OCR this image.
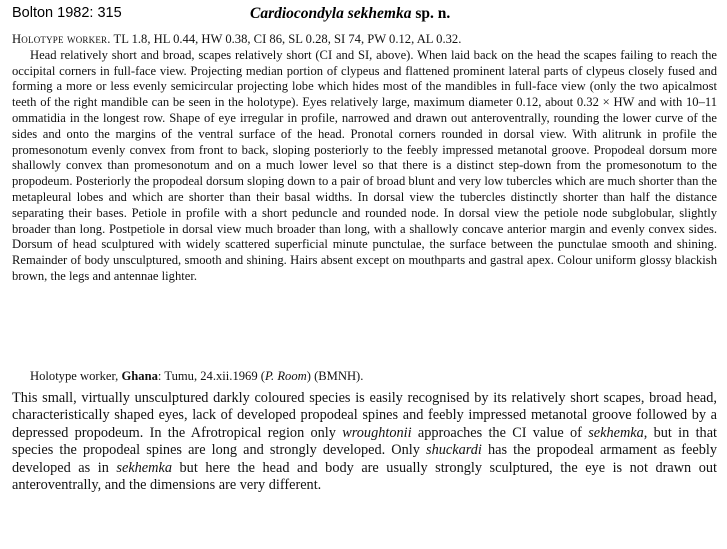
Bolton 1982: 315	Cardiocondyla sekhemka sp. n.

Holotype worker. TL 1.8, HL 0.44, HW 0.38, CI 86, SL 0.28, SI 74, PW 0.12, AL 0.32.
Head relatively short and broad, scapes relatively short (CI and SI, above). When laid back on the head the scapes failing to reach the occipital corners in full-face view. Projecting median portion of clypeus and flattened prominent lateral parts of clypeus closely fused and forming a more or less evenly semicircular projecting lobe which hides most of the mandibles in full-face view (only the two apicalmost teeth of the right mandible can be seen in the holotype). Eyes relatively large, maximum diameter 0.12, about 0.32 × HW and with 10–11 ommatidia in the longest row. Shape of eye irregular in profile, narrowed and drawn out anteroventrally, rounding the lower curve of the sides and onto the margins of the ventral surface of the head. Pronotal corners rounded in dorsal view. With alitrunk in profile the promesonotum evenly convex from front to back, sloping posteriorly to the feebly impressed metanotal groove. Propodeal dorsum more shallowly convex than promesonotum and on a much lower level so that there is a distinct step-down from the promesonotum to the propodeum. Posteriorly the propodeal dorsum sloping down to a pair of broad blunt and very low tubercles which are much shorter than the metapleural lobes and which are shorter than their basal widths. In dorsal view the tubercles distinctly shorter than half the distance separating their bases. Petiole in profile with a short peduncle and rounded node. In dorsal view the petiole node subglobular, slightly broader than long. Postpetiole in dorsal view much broader than long, with a shallowly concave anterior margin and evenly convex sides. Dorsum of head sculptured with widely scattered superficial minute punctulae, the surface between the punctulae smooth and shining. Remainder of body unsculptured, smooth and shining. Hairs absent except on mouthparts and gastral apex. Colour uniform glossy blackish brown, the legs and antennae lighter.

Holotype worker, Ghana: Tumu, 24.xii.1969 (P. Room) (BMNH).

This small, virtually unsculptured darkly coloured species is easily recognised by its relatively short scapes, broad head, characteristically shaped eyes, lack of developed propodeal spines and feebly impressed metanotal groove followed by a depressed propodeum. In the Afrotropical region only wroughtonii approaches the CI value of sekhemka, but in that species the propodeal spines are long and strongly developed. Only shuckardi has the propodeal armament as feebly developed as in sekhemka but here the head and body are usually strongly sculptured, the eye is not drawn out anteroventrally, and the dimensions are very different.
